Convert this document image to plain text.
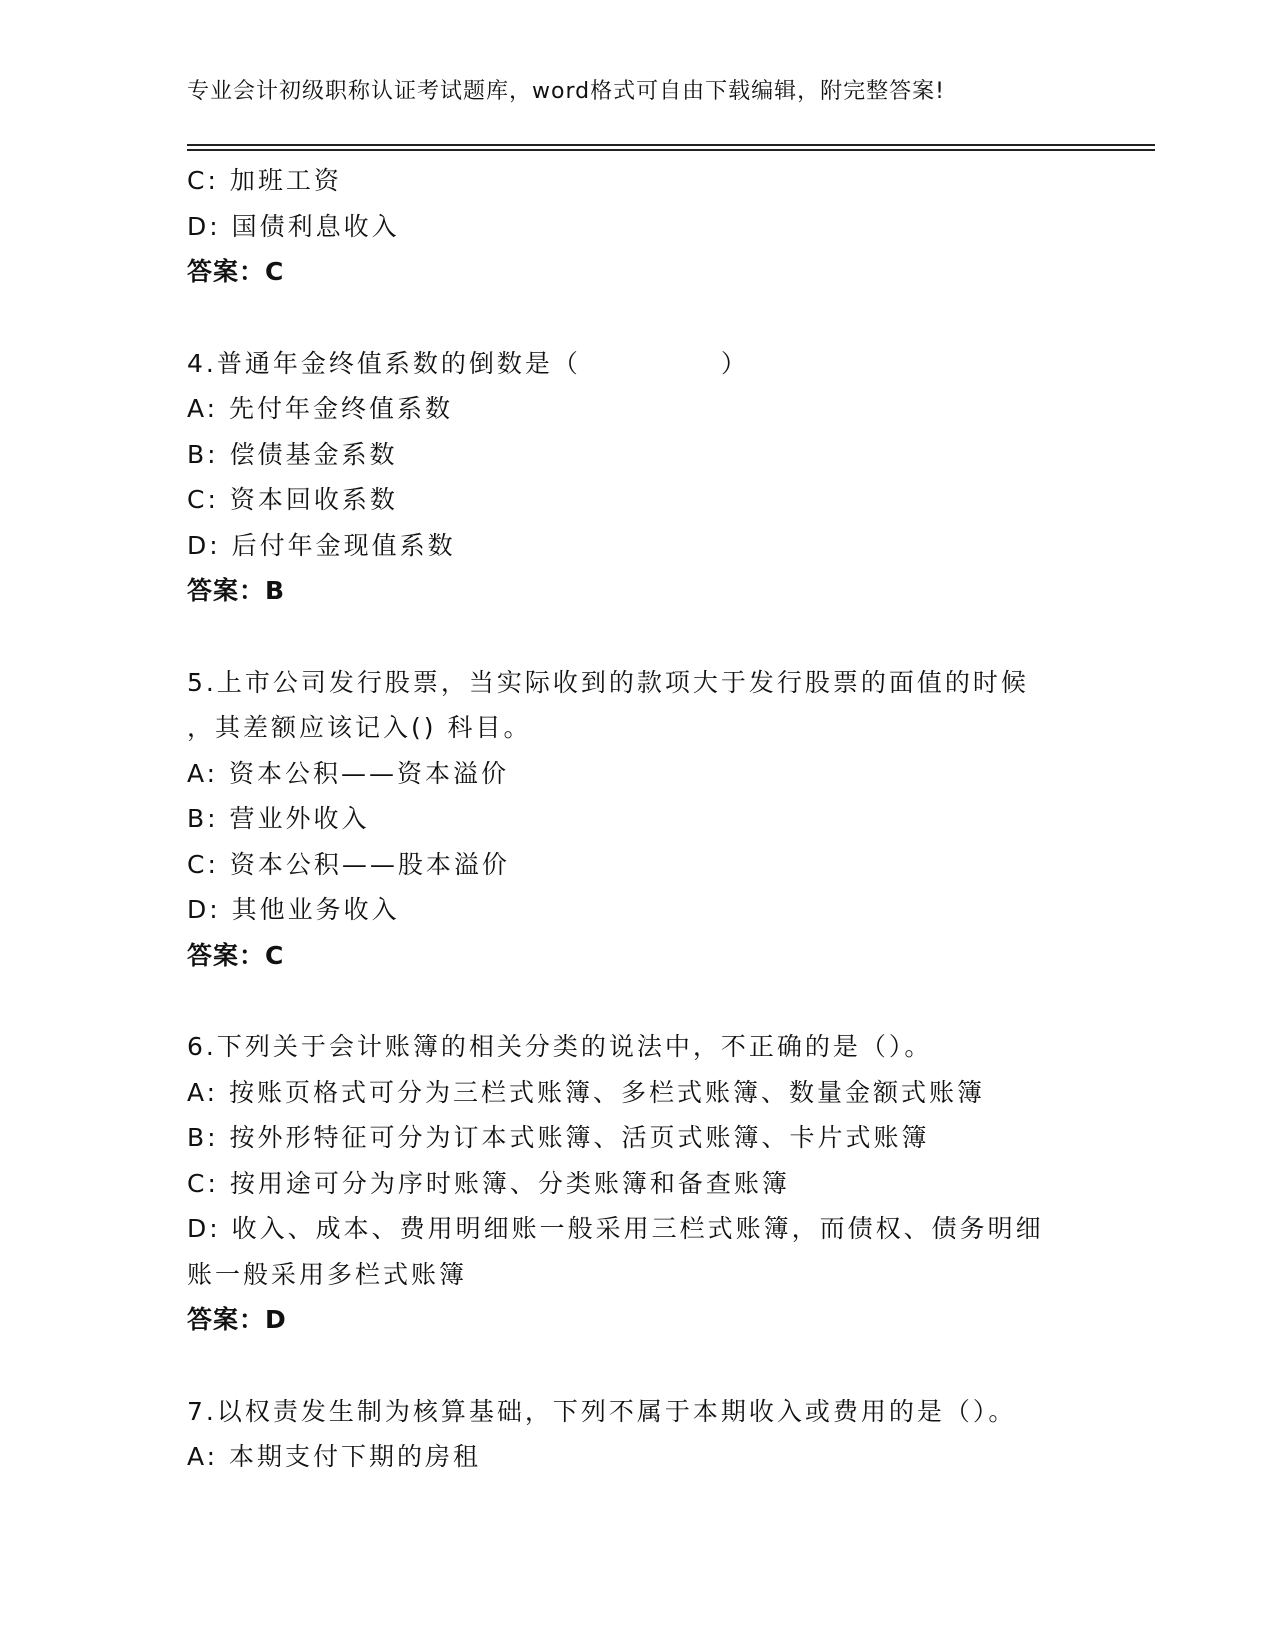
专业会计初级职称认证考试题库，word格式可自由下载编辑，附完整答案!
C: 加班工资
D: 国债利息收入
答案：C
4.普通年金终值系数的倒数是（　　　　　）
A: 先付年金终值系数
B: 偿债基金系数
C: 资本回收系数
D: 后付年金现值系数
答案：B
5.上市公司发行股票，当实际收到的款项大于发行股票的面值的时候
，其差额应该记入() 科目。
A: 资本公积——资本溢价
B: 营业外收入
C: 资本公积——股本溢价
D: 其他业务收入
答案：C
6.下列关于会计账簿的相关分类的说法中，不正确的是（）。
A: 按账页格式可分为三栏式账簿、多栏式账簿、数量金额式账簿
B: 按外形特征可分为订本式账簿、活页式账簿、卡片式账簿
C: 按用途可分为序时账簿、分类账簿和备查账簿
D: 收入、成本、费用明细账一般采用三栏式账簿，而债权、债务明细
账一般采用多栏式账簿
答案：D
7.以权责发生制为核算基础，下列不属于本期收入或费用的是（）。
A: 本期支付下期的房租
